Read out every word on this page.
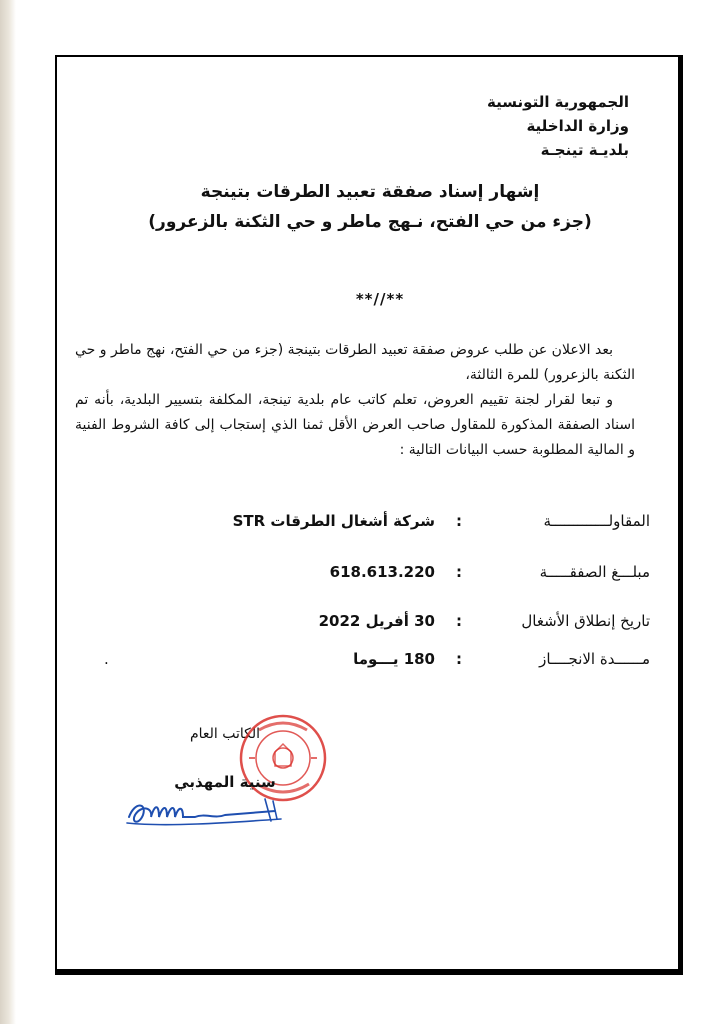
الجمهورية التونسية
وزارة الداخلية
بلديـة تينجـة
إشهار إسناد صفقة تعبيد الطرقات بتينجة
(جزء من حي الفتح، نـهج ماطر و حي الثكنة بالزعرور)
**//**
بعد الاعلان عن طلب عروض صفقة تعبيد الطرقات بتينجة (جزء من حي الفتح، نهج ماطر و حي الثكنة بالزعرور) للمرة الثالثة،
و تبعا لقرار لجنة تقييم العروض، تعلم كاتب عام بلدية تينجة، المكلفة بتسيير البلدية، بأنه تم اسناد الصفقة المذكورة للمقاول صاحب العرض الأقل ثمنا الذي إستجاب إلى كافة الشروط الفنية و المالية المطلوبة حسب البيانات التالية :
المقاولـــــــــــــة
:
شركة أشغال الطرقات STR
مبلـــغ الصفقـــــة
:
618.613.220
تاريخ إنطلاق الأشغال
:
30 أفريل 2022
مــــــدة الانجــــاز
:
180 يـــوما
.
الكاتب العام
سنية المهذبي
